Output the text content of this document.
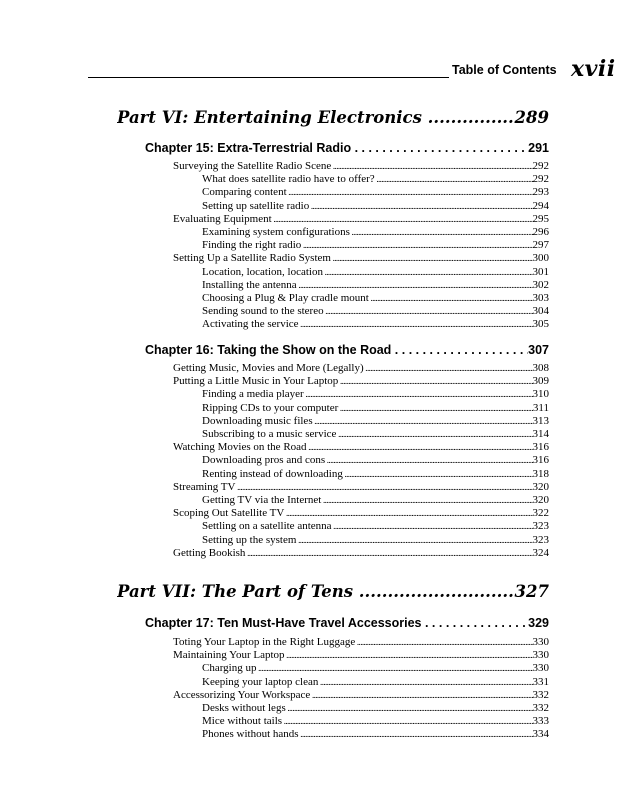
Table of Contents xvii
Part VI: Entertaining Electronics .....	289
Chapter 15: Extra-Terrestrial Radio . . .	291
Surveying the Satellite Radio Scene .....	292
What does satellite radio have to offer? .....	292
Comparing content .....	293
Setting up satellite radio .....	294
Evaluating Equipment .....	295
Examining system configurations .....	296
Finding the right radio .....	297
Setting Up a Satellite Radio System .....	300
Location, location, location .....	301
Installing the antenna .....	302
Choosing a Plug & Play cradle mount .....	303
Sending sound to the stereo .....	304
Activating the service .....	305
Chapter 16: Taking the Show on the Road . . .	307
Getting Music, Movies and More (Legally) .....	308
Putting a Little Music in Your Laptop .....	309
Finding a media player .....	310
Ripping CDs to your computer .....	311
Downloading music files .....	313
Subscribing to a music service .....	314
Watching Movies on the Road .....	316
Downloading pros and cons .....	316
Renting instead of downloading .....	318
Streaming TV .....	320
Getting TV via the Internet .....	320
Scoping Out Satellite TV .....	322
Settling on a satellite antenna .....	323
Setting up the system .....	323
Getting Bookish .....	324
Part VII: The Part of Tens .....	327
Chapter 17: Ten Must-Have Travel Accessories . . .	329
Toting Your Laptop in the Right Luggage .....	330
Maintaining Your Laptop .....	330
Charging up .....	330
Keeping your laptop clean .....	331
Accessorizing Your Workspace .....	332
Desks without legs .....	332
Mice without tails .....	333
Phones without hands .....	334
